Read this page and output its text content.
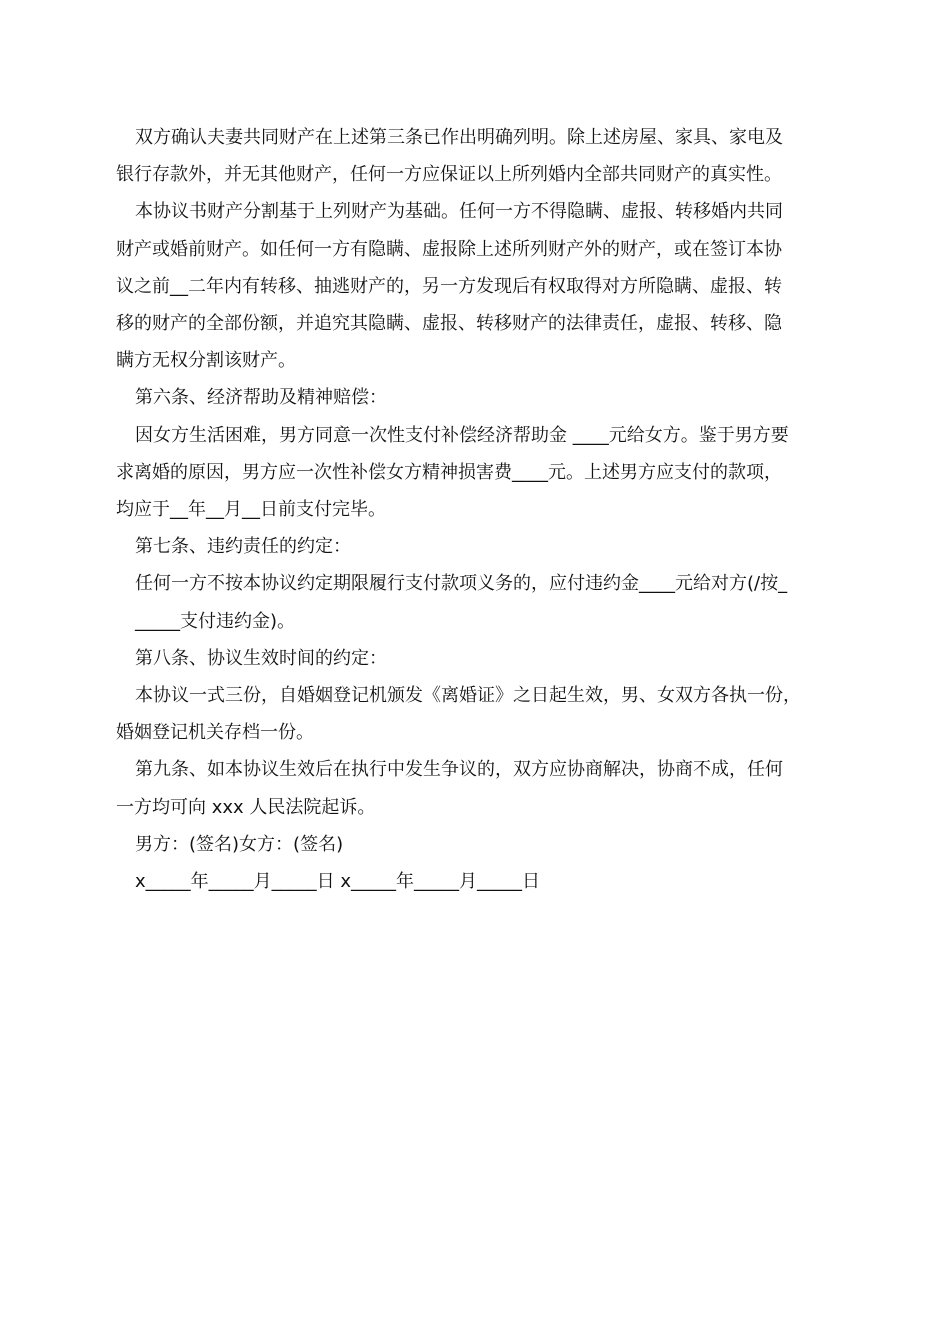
双方确认夫妻共同财产在上述第三条已作出明确列明。除上述房屋、家具、家电及
银行存款外，并无其他财产，任何一方应保证以上所列婚内全部共同财产的真实性。
本协议书财产分割基于上列财产为基础。任何一方不得隐瞒、虚报、转移婚内共同
财产或婚前财产。如任何一方有隐瞒、虚报除上述所列财产外的财产，或在签订本协
议之前__二年内有转移、抽逃财产的，另一方发现后有权取得对方所隐瞒、虚报、转
移的财产的全部份额，并追究其隐瞒、虚报、转移财产的法律责任，虚报、转移、隐
瞒方无权分割该财产。
第六条、经济帮助及精神赔偿：
因女方生活困难，男方同意一次性支付补偿经济帮助金 ____元给女方。鉴于男方要
求离婚的原因，男方应一次性补偿女方精神损害费____元。上述男方应支付的款项，
均应于__年__月__日前支付完毕。
第七条、违约责任的约定：
任何一方不按本协议约定期限履行支付款项义务的，应付违约金____元给对方(/按_
_____支付违约金)。
第八条、协议生效时间的约定：
本协议一式三份，自婚姻登记机颁发《离婚证》之日起生效，男、女双方各执一份，
婚姻登记机关存档一份。
第九条、如本协议生效后在执行中发生争议的，双方应协商解决，协商不成，任何
一方均可向 xxx 人民法院起诉。
男方：(签名)女方：(签名)
x_____年_____月_____日 x_____年_____月_____日
